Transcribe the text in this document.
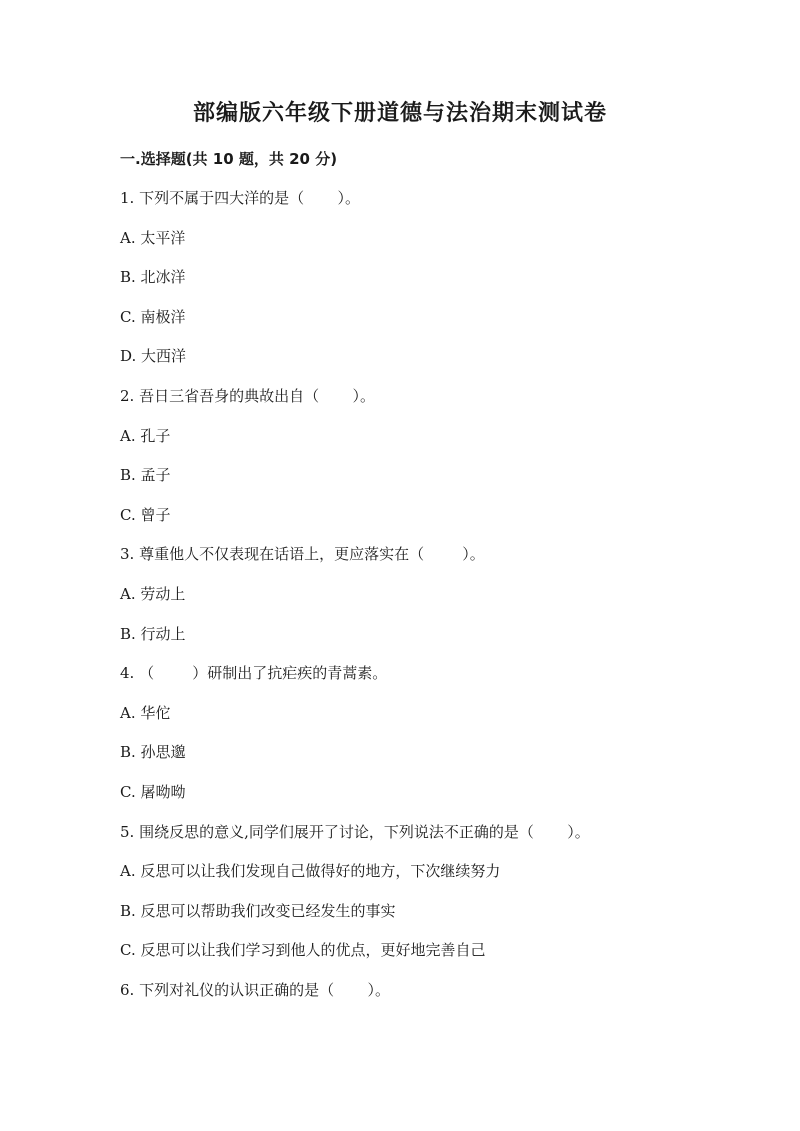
部编版六年级下册道德与法治期末测试卷
一.选择题(共 10 题，共 20 分)
1. 下列不属于四大洋的是（ ）。
A. 太平洋
B. 北冰洋
C. 南极洋
D. 大西洋
2. 吾日三省吾身的典故出自（ ）。
A. 孔子
B. 孟子
C. 曾子
3. 尊重他人不仅表现在话语上，更应落实在（	）。
A. 劳动上
B. 行动上
4. （	）研制出了抗疟疾的青蒿素。
A. 华佗
B. 孙思邈
C. 屠呦呦
5. 围绕反思的意义,同学们展开了讨论，下列说法不正确的是（ ）。
A. 反思可以让我们发现自己做得好的地方，下次继续努力
B. 反思可以帮助我们改变已经发生的事实
C. 反思可以让我们学习到他人的优点，更好地完善自己
6. 下列对礼仪的认识正确的是（ ）。
